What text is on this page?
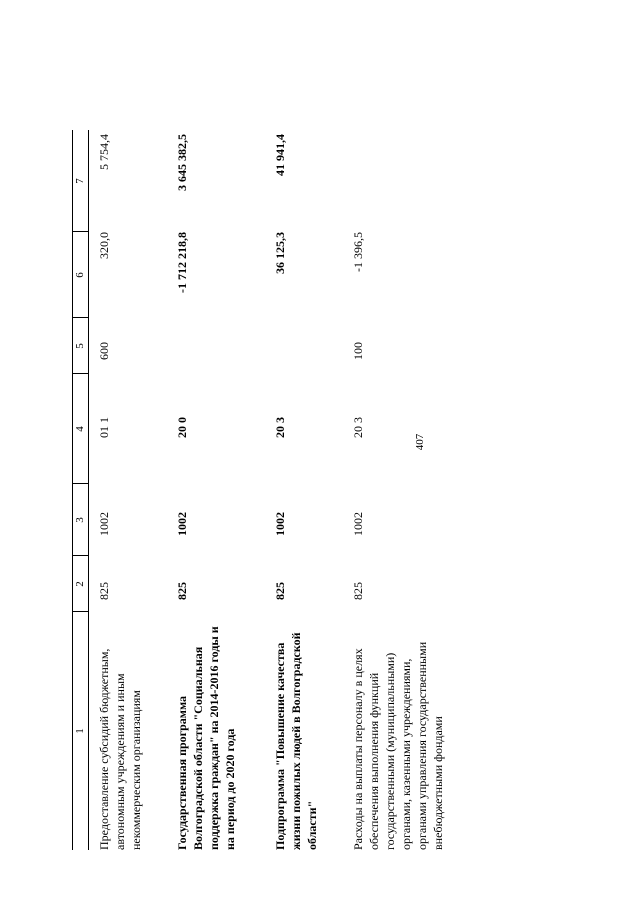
407
1
2
3
4
5
6
7
Предоставление субсидий бюджетным, автономным учреждениям и иным некоммерческим организациям
825
1002
01 1
600
320,0
5 754,4
Государственная программа Волгоградской области "Социальная поддержка граждан" на 2014-2016 годы и на период до 2020 года
825
1002
20 0
-1 712 218,8
3 645 382,5
Подпрограмма "Повышение качества жизни пожилых людей в Волгоградской области"
825
1002
20 3
36 125,3
41 941,4
Расходы на выплаты персоналу в целях обеспечения выполнения функций государственными (муниципальными) органами, казенными учреждениями, органами управления государственными внебюджетными фондами
825
1002
20 3
100
-1 396,5
